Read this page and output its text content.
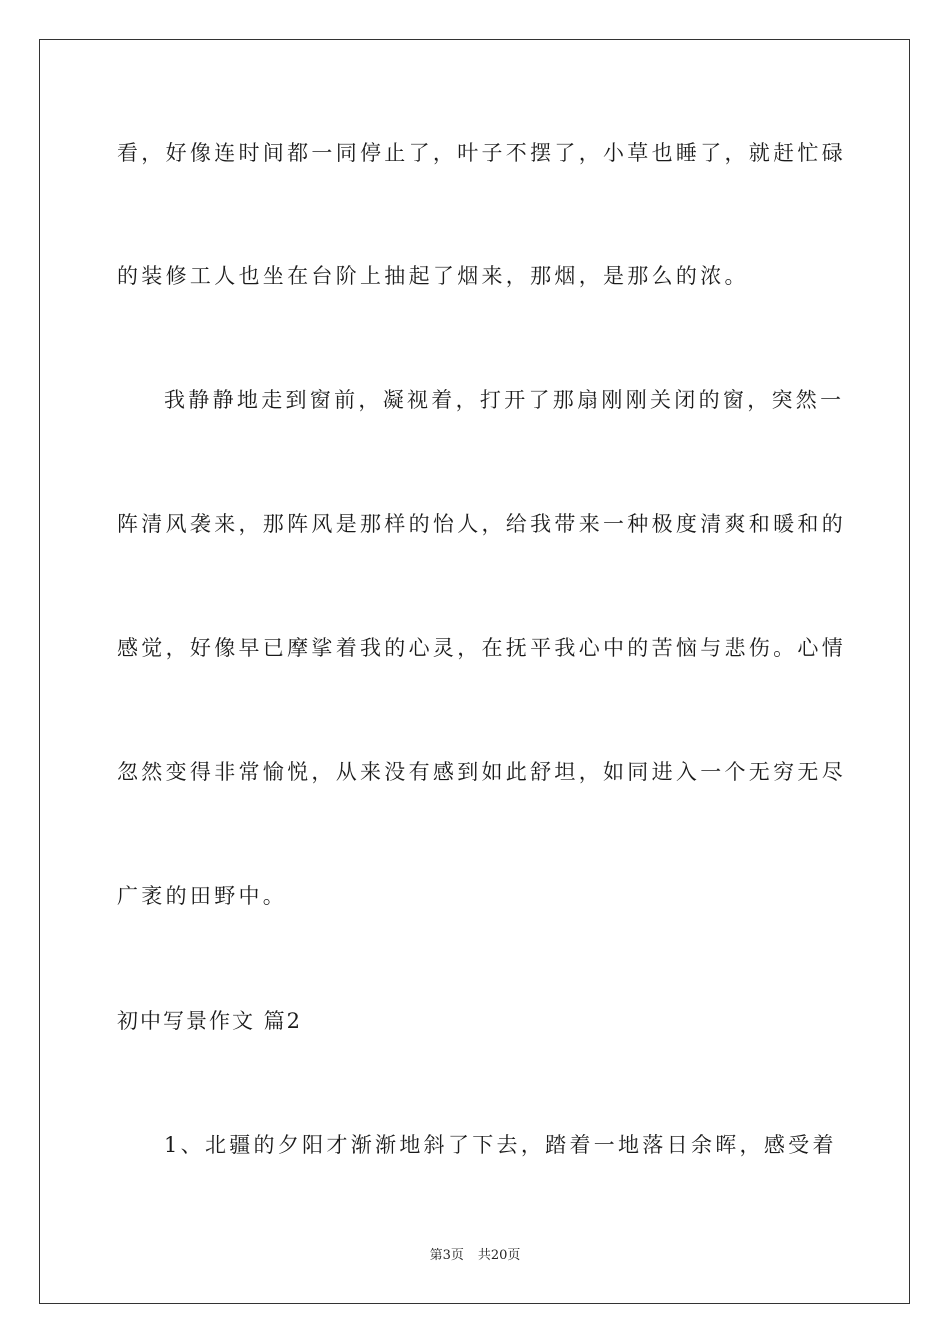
看，好像连时间都一同停止了，叶子不摆了，小草也睡了，就赶忙碌
的装修工人也坐在台阶上抽起了烟来，那烟，是那么的浓。
我静静地走到窗前，凝视着，打开了那扇刚刚关闭的窗，突然一
阵清风袭来，那阵风是那样的怡人，给我带来一种极度清爽和暖和的
感觉，好像早已摩挲着我的心灵，在抚平我心中的苦恼与悲伤。心情
忽然变得非常愉悦，从来没有感到如此舒坦，如同进入一个无穷无尽
广袤的田野中。
初中写景作文 篇2
1、北疆的夕阳才渐渐地斜了下去，踏着一地落日余晖，感受着
第3页 共20页
